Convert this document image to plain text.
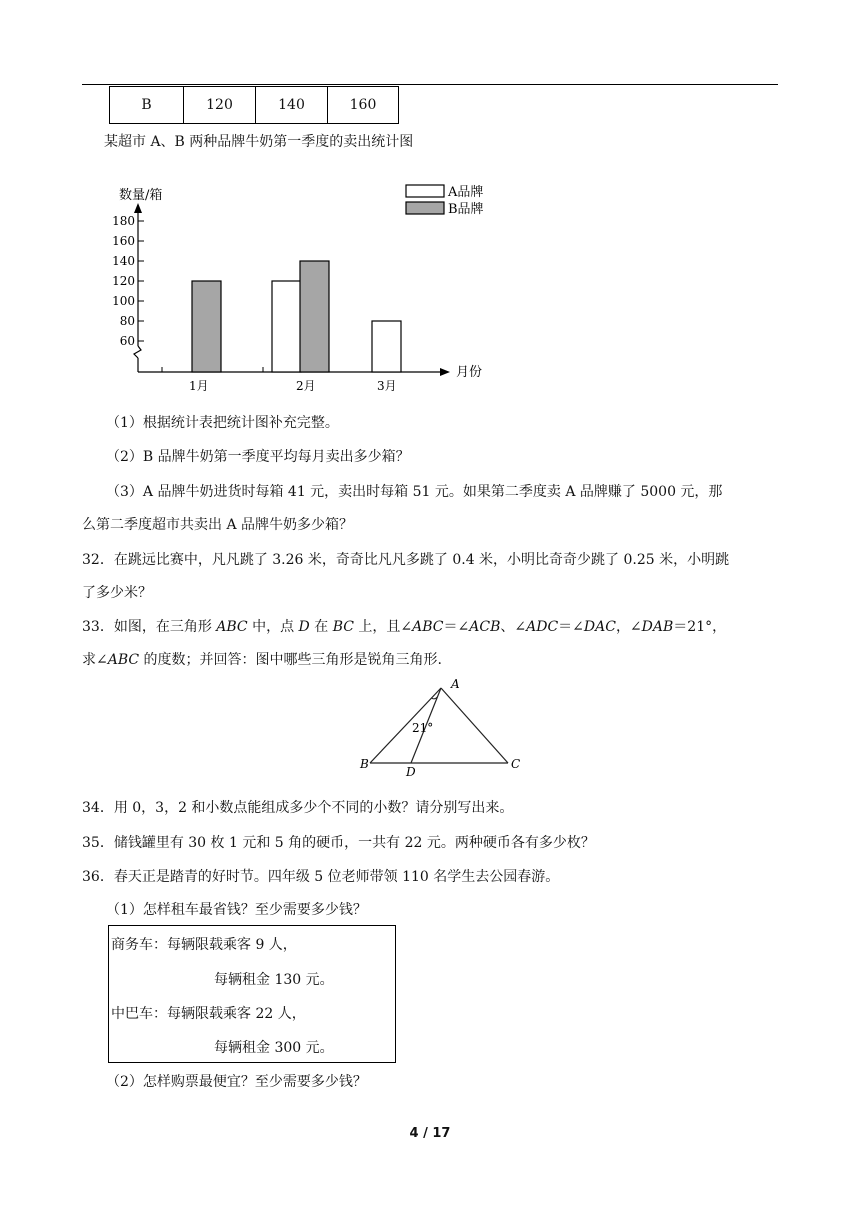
B	120	140	160
某超市 A、B 两种品牌牛奶第一季度的卖出统计图
60
80
100
120
140
160
180
数量/箱
月份
1月	2月	3月
A品牌
B品牌
（1）根据统计表把统计图补充完整。
（2）B 品牌牛奶第一季度平均每月卖出多少箱？
（3）A 品牌牛奶进货时每箱 41 元，卖出时每箱 51 元。如果第二季度卖 A 品牌赚了 5000 元，那
么第二季度超市共卖出 A 品牌牛奶多少箱？
32．在跳远比赛中，凡凡跳了 3.26 米，奇奇比凡凡多跳了 0.4 米，小明比奇奇少跳了 0.25 米，小明跳
了多少米？
33．如图，在三角形 ABC 中，点 D 在 BC 上，且∠ABC＝∠ACB、∠ADC＝∠DAC，∠DAB＝21°，
求∠ABC 的度数；并回答：图中哪些三角形是锐角三角形.
A
B	C
D
21°
34．用 0，3，2 和小数点能组成多少个不同的小数？请分别写出来。
35．储钱罐里有 30 枚 1 元和 5 角的硬币，一共有 22 元。两种硬币各有多少枚？
36．春天正是踏青的好时节。四年级 5 位老师带领 110 名学生去公园春游。
（1）怎样租车最省钱？至少需要多少钱？
商务车：每辆限载乘客 9 人，
每辆租金 130 元。
中巴车：每辆限载乘客 22 人，
每辆租金 300 元。
（2）怎样购票最便宜？至少需要多少钱？
4 / 17
